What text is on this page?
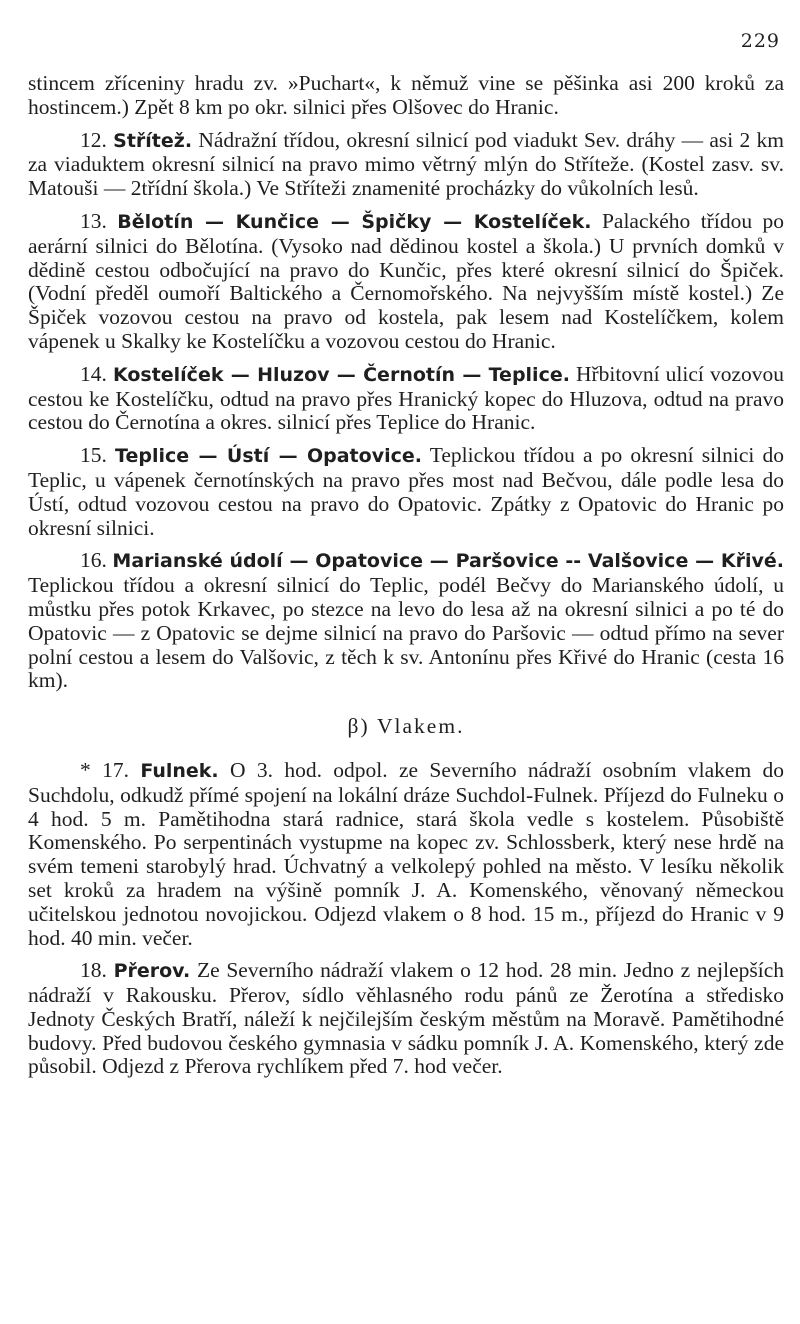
229

stincem zříceniny hradu zv. »Puchart«, k němuž vine se pěšinka asi 200 kroků za hostincem.) Zpět 8 km po okr. silnici přes Olšovec do Hranic.

12. Střítež. Nádražní třídou, okresní silnicí pod viadukt Sev. dráhy — asi 2 km za viaduktem okresní silnicí na pravo mimo větrný mlýn do Stříteže. (Kostel zasv. sv. Matouši — 2třídní škola.) Ve Stříteži znamenité procházky do vůkolních lesů.

13. Bělotín — Kunčice — Špičky — Kostelíček. Palackého třídou po aerární silnici do Bělotína. (Vysoko nad dědinou kostel a škola.) U prvních domků v dědině cestou odbočující na pravo do Kunčic, přes které okresní silnicí do Špiček. (Vodní předěl oumoří Baltického a Černomořského. Na nejvyšším místě kostel.) Ze Špiček vozovou cestou na pravo od kostela, pak lesem nad Kostelíčkem, kolem vápenek u Skalky ke Kostelíčku a vozovou cestou do Hranic.

14. Kostelíček — Hluzov — Černotín — Teplice. Hřbitovní ulicí vozovou cestou ke Kostelíčku, odtud na pravo přes Hranický kopec do Hluzova, odtud na pravo cestou do Černotína a okres. silnicí přes Teplice do Hranic.

15. Teplice — Ústí — Opatovice. Teplickou třídou a po okresní silnici do Teplic, u vápenek černotínských na pravo přes most nad Bečvou, dále podle lesa do Ústí, odtud vozovou cestou na pravo do Opatovic. Zpátky z Opatovic do Hranic po okresní silnici.

16. Marianské údolí — Opatovice — Paršovice -- Valšovice — Křivé. Teplickou třídou a okresní silnicí do Teplic, podél Bečvy do Marianského údolí, u můstku přes potok Krkavec, po stezce na levo do lesa až na okresní silnici a po té do Opatovic — z Opatovic se dejme silnicí na pravo do Paršovic — odtud přímo na sever polní cestou a lesem do Valšovic, z těch k sv. Antonínu přes Křivé do Hranic (cesta 16 km).

β) Vlakem.

* 17. Fulnek. O 3. hod. odpol. ze Severního nádraží osobním vlakem do Suchdolu, odkudž přímé spojení na lokální dráze Suchdol-Fulnek. Příjezd do Fulneku o 4 hod. 5 m. Pamětihodna stará radnice, stará škola vedle s kostelem. Působiště Komenského. Po serpentinách vystupme na kopec zv. Schlossberk, který nese hrdě na svém temeni starobylý hrad. Úchvatný a velkolepý pohled na město. V lesíku několik set kroků za hradem na výšině pomník J. A. Komenského, věnovaný německou učitelskou jednotou novojickou. Odjezd vlakem o 8 hod. 15 m., příjezd do Hranic v 9 hod. 40 min. večer.

18. Přerov. Ze Severního nádraží vlakem o 12 hod. 28 min. Jedno z nejlepších nádraží v Rakousku. Přerov, sídlo věhlasného rodu pánů ze Žerotína a středisko Jednoty Českých Bratří, náleží k nejčilejším českým městům na Moravě. Pamětihodné budovy. Před budovou českého gymnasia v sádku pomník J. A. Komenského, který zde působil. Odjezd z Přerova rychlíkem před 7. hod večer.
